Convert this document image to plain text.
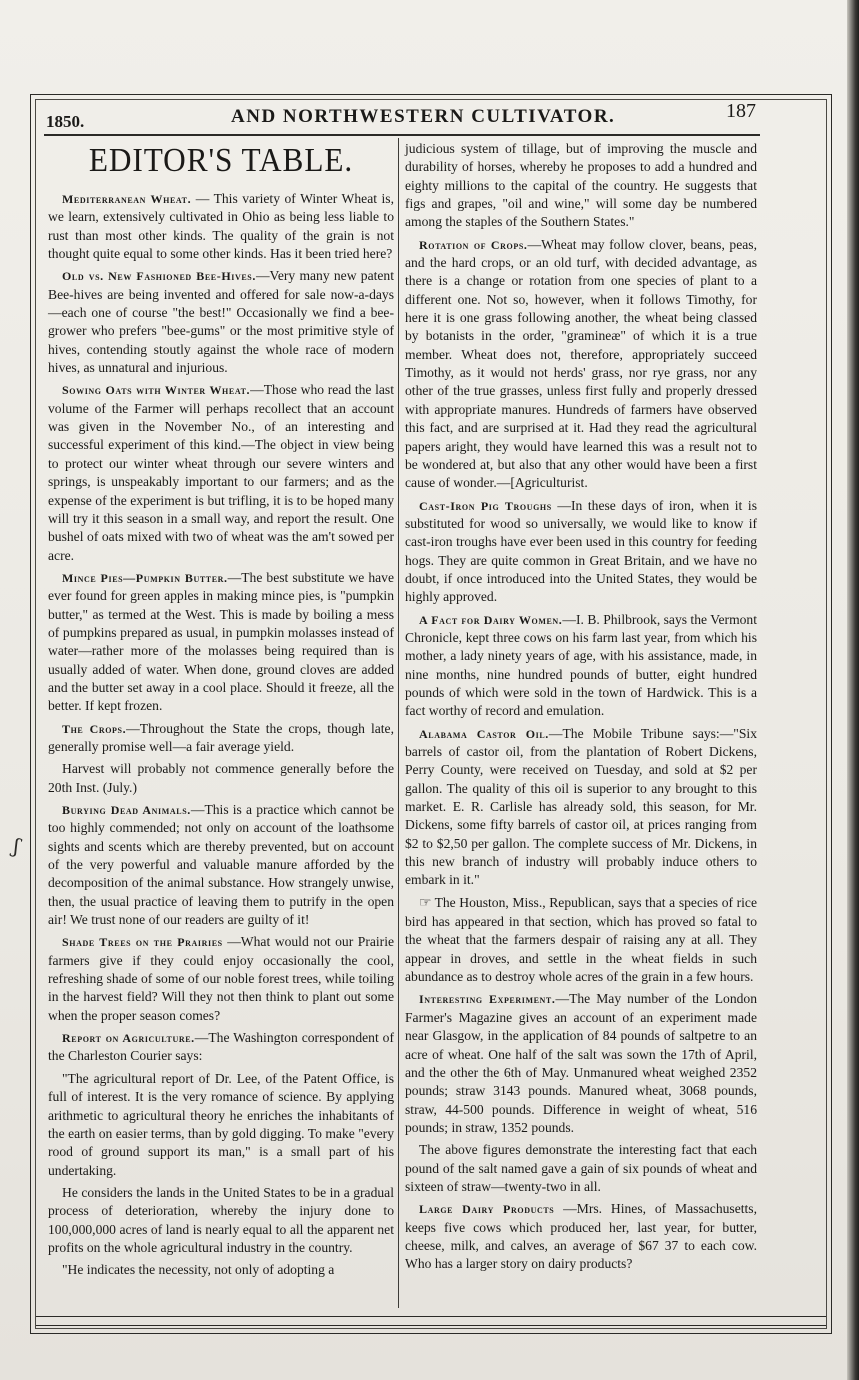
1850.	AND NORTHWESTERN CULTIVATOR.	187
ʃ
EDITOR'S TABLE.

Mediterranean Wheat. — This variety of Winter Wheat is, we learn, extensively cultivated in Ohio as being less liable to rust than most other kinds. The quality of the grain is not thought quite equal to some other kinds. Has it been tried here?

Old vs. New Fashioned Bee-Hives.—Very many new patent Bee-hives are being invented and offered for sale now-a-days—each one of course "the best!" Occasionally we find a bee-grower who prefers "bee-gums" or the most primitive style of hives, contending stoutly against the whole race of modern hives, as unnatural and injurious.

Sowing Oats with Winter Wheat.—Those who read the last volume of the Farmer will perhaps recollect that an account was given in the November No., of an interesting and successful experiment of this kind.—The object in view being to protect our winter wheat through our severe winters and springs, is unspeakably important to our farmers; and as the expense of the experiment is but trifling, it is to be hoped many will try it this season in a small way, and report the result. One bushel of oats mixed with two of wheat was the am't sowed per acre.

Mince Pies—Pumpkin Butter.—The best substitute we have ever found for green apples in making mince pies, is "pumpkin butter," as termed at the West. This is made by boiling a mess of pumpkins prepared as usual, in pumpkin molasses instead of water—rather more of the molasses being required than is usually added of water. When done, ground cloves are added and the butter set away in a cool place. Should it freeze, all the better. If kept frozen.

The Crops.—Throughout the State the crops, though late, generally promise well—a fair average yield.

Harvest will probably not commence generally before the 20th Inst. (July.)

Burying Dead Animals.—This is a practice which cannot be too highly commended; not only on account of the loathsome sights and scents which are thereby prevented, but on account of the very powerful and valuable manure afforded by the decomposition of the animal substance. How strangely unwise, then, the usual practice of leaving them to putrify in the open air! We trust none of our readers are guilty of it!

Shade Trees on the Prairies —What would not our Prairie farmers give if they could enjoy occasionally the cool, refreshing shade of some of our noble forest trees, while toiling in the harvest field? Will they not then think to plant out some when the proper season comes?

Report on Agriculture.—The Washington correspondent of the Charleston Courier says:

"The agricultural report of Dr. Lee, of the Patent Office, is full of interest. It is the very romance of science. By applying arithmetic to agricultural theory he enriches the inhabitants of the earth on easier terms, than by gold digging. To make "every rood of ground support its man," is a small part of his undertaking.

He considers the lands in the United States to be in a gradual process of deterioration, whereby the injury done to 100,000,000 acres of land is nearly equal to all the apparent net profits on the whole agricultural industry in the country.

"He indicates the necessity, not only of adopting a

judicious system of tillage, but of improving the muscle and durability of horses, whereby he proposes to add a hundred and eighty millions to the capital of the country. He suggests that figs and grapes, "oil and wine," will some day be numbered among the staples of the Southern States."

Rotation of Crops.—Wheat may follow clover, beans, peas, and the hard crops, or an old turf, with decided advantage, as there is a change or rotation from one species of plant to a different one. Not so, however, when it follows Timothy, for here it is one grass following another, the wheat being classed by botanists in the order, "gramineæ" of which it is a true member. Wheat does not, therefore, appropriately succeed Timothy, as it would not herds' grass, nor rye grass, nor any other of the true grasses, unless first fully and properly dressed with appropriate manures. Hundreds of farmers have observed this fact, and are surprised at it. Had they read the agricultural papers aright, they would have learned this was a result not to be wondered at, but also that any other would have been a first cause of wonder.—[Agriculturist.

Cast-Iron Pig Troughs —In these days of iron, when it is substituted for wood so universally, we would like to know if cast-iron troughs have ever been used in this country for feeding hogs. They are quite common in Great Britain, and we have no doubt, if once introduced into the United States, they would be highly approved.

A Fact for Dairy Women.—I. B. Philbrook, says the Vermont Chronicle, kept three cows on his farm last year, from which his mother, a lady ninety years of age, with his assistance, made, in nine months, nine hundred pounds of butter, eight hundred pounds of which were sold in the town of Hardwick. This is a fact worthy of record and emulation.

Alabama Castor Oil.—The Mobile Tribune says:—"Six barrels of castor oil, from the plantation of Robert Dickens, Perry County, were received on Tuesday, and sold at $2 per gallon. The quality of this oil is superior to any brought to this market. E. R. Carlisle has already sold, this season, for Mr. Dickens, some fifty barrels of castor oil, at prices ranging from $2 to $2,50 per gallon. The complete success of Mr. Dickens, in this new branch of industry will probably induce others to embark in it."

☞ The Houston, Miss., Republican, says that a species of rice bird has appeared in that section, which has proved so fatal to the wheat that the farmers despair of raising any at all. They appear in droves, and settle in the wheat fields in such abundance as to destroy whole acres of the grain in a few hours.

Interesting Experiment.—The May number of the London Farmer's Magazine gives an account of an experiment made near Glasgow, in the application of 84 pounds of saltpetre to an acre of wheat. One half of the salt was sown the 17th of April, and the other the 6th of May. Unmanured wheat weighed 2352 pounds; straw 3143 pounds. Manured wheat, 3068 pounds, straw, 44-500 pounds. Difference in weight of wheat, 516 pounds; in straw, 1352 pounds.

The above figures demonstrate the interesting fact that each pound of the salt named gave a gain of six pounds of wheat and sixteen of straw—twenty-two in all.

Large Dairy Products —Mrs. Hines, of Massachusetts, keeps five cows which produced her, last year, for butter, cheese, milk, and calves, an average of $67 37 to each cow. Who has a larger story on dairy products?
